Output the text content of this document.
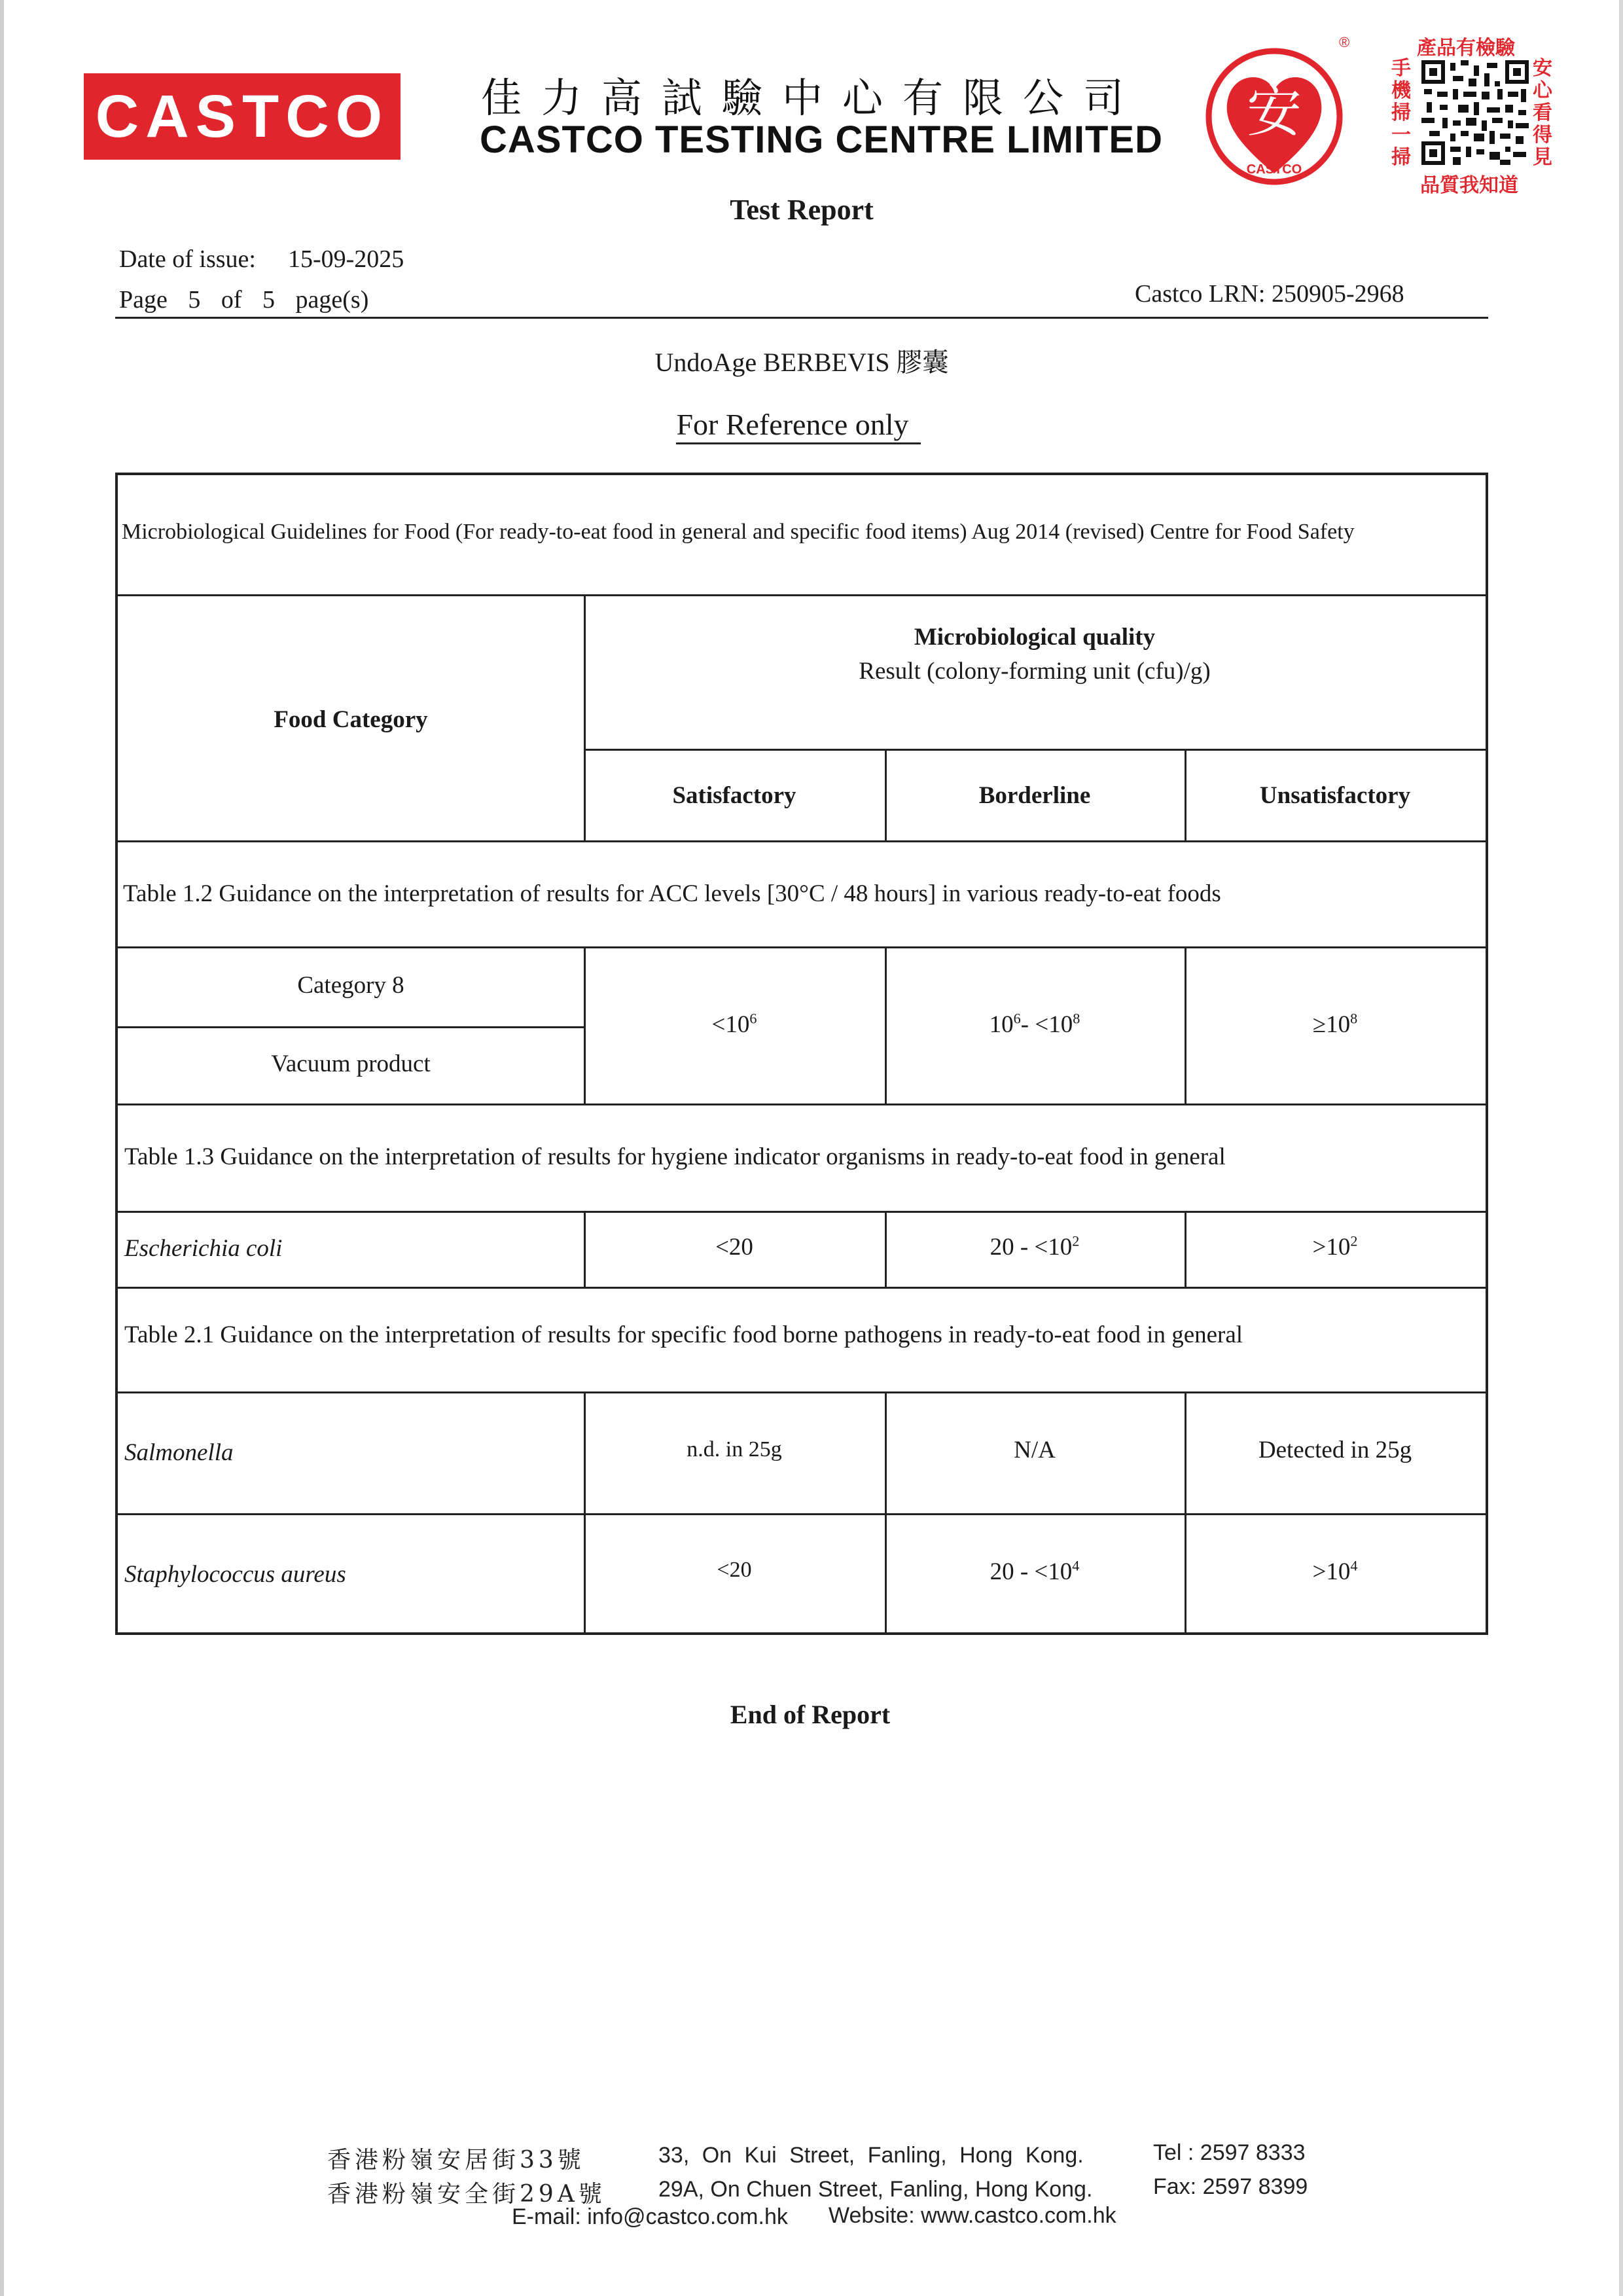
CASTCO 佳力高試驗中心有限公司
CASTCO TESTING CENTRE LIMITED 安
CASTCO
®	產品有檢驗
手機掃一掃
安心看得見
品質我知道
Test Report
Date of issue: 15-09-2025
Page 5 of 5 page(s)	Castco LRN: 250905-2968
UndoAge BERBEVIS 膠囊
For Reference only
Microbiological Guidelines for Food (For ready-to-eat food in general and specific food items) Aug 2014 (revised) Centre for Food Safety
Food Category
Microbiological quality
Result (colony-forming unit (cfu)/g)
Satisfactory	Borderline	Unsatisfactory
Table 1.2 Guidance on the interpretation of results for ACC levels [30°C / 48 hours] in various ready-to-eat foods
Category 8
Vacuum product
$<10^6$	$10^6- <10^8$	$\ge 10^8$
Table 1.3 Guidance on the interpretation of results for hygiene indicator organisms in ready-to-eat food in general
Escherichia coli	<20	$20 - <10^2$	$>10^2$
Table 2.1 Guidance on the interpretation of results for specific food borne pathogens in ready-to-eat food in general
Salmonella	n.d. in 25g	N/A	Detected in 25g
Staphylococcus aureus	<20	$20 - <10^4$	$>10^4$
End of Report
香港粉嶺安居街33號	33, On Kui Street, Fanling, Hong Kong.	Tel : 2597 8333
香港粉嶺安全街29A號 29A, On Chuen Street, Fanling, Hong Kong.	Fax: 2597 8399
E-mail: info@castco.com.hk Website: www.castco.com.hk
